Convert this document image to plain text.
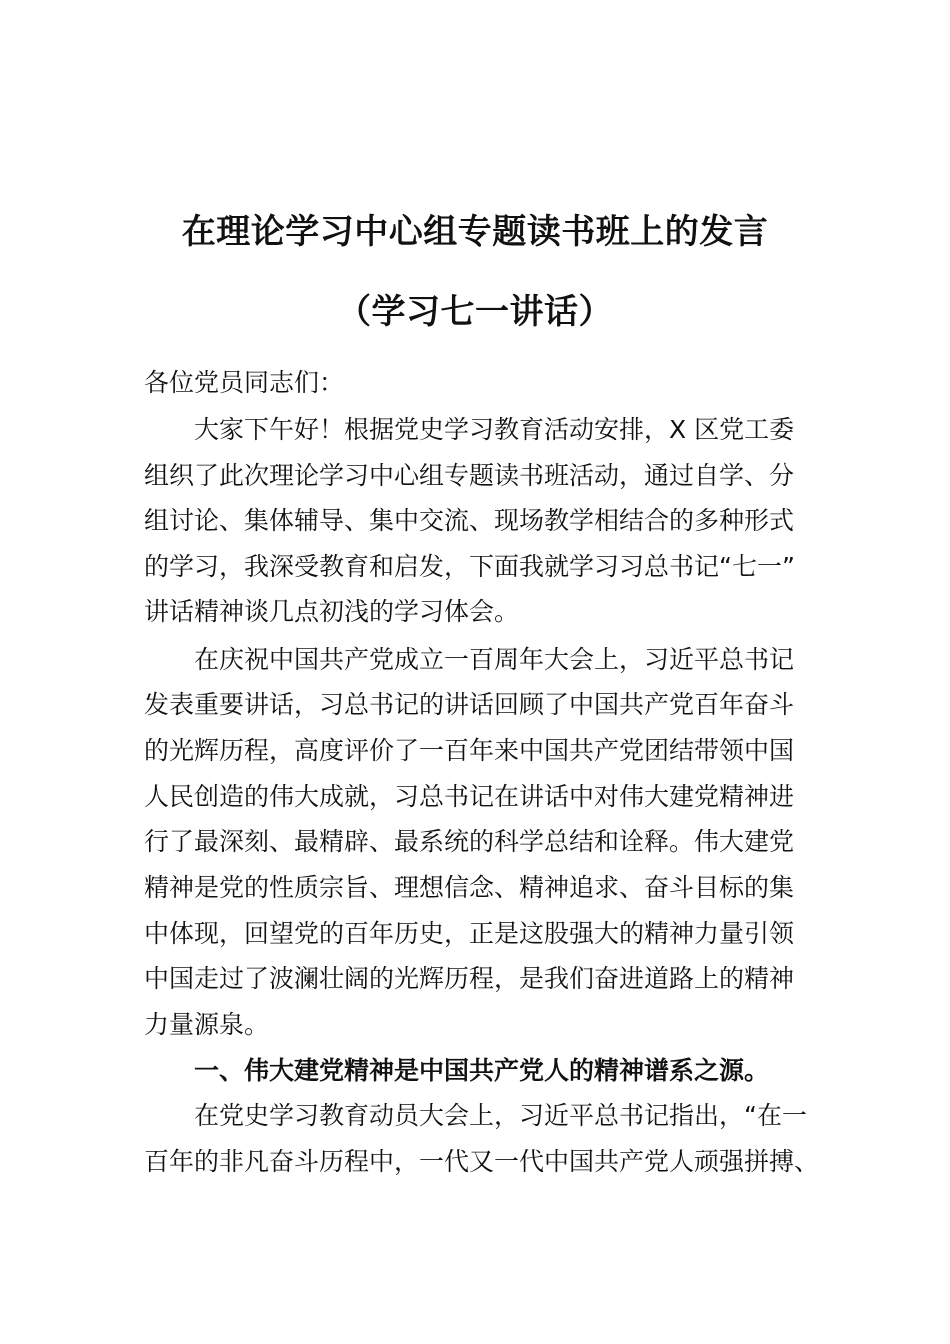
在理论学习中心组专题读书班上的发言
（学习七一讲话）
各位党员同志们：
大家下午好！根据党史学习教育活动安排，X 区党工委
组织了此次理论学习中心组专题读书班活动，通过自学、分
组讨论、集体辅导、集中交流、现场教学相结合的多种形式
的学习，我深受教育和启发，下面我就学习习总书记“七一”
讲话精神谈几点初浅的学习体会。
在庆祝中国共产党成立一百周年大会上，习近平总书记
发表重要讲话，习总书记的讲话回顾了中国共产党百年奋斗
的光辉历程，高度评价了一百年来中国共产党团结带领中国
人民创造的伟大成就，习总书记在讲话中对伟大建党精神进
行了最深刻、最精辟、最系统的科学总结和诠释。伟大建党
精神是党的性质宗旨、理想信念、精神追求、奋斗目标的集
中体现，回望党的百年历史，正是这股强大的精神力量引领
中国走过了波澜壮阔的光辉历程，是我们奋进道路上的精神
力量源泉。
一、伟大建党精神是中国共产党人的精神谱系之源。
在党史学习教育动员大会上，习近平总书记指出，“在一
百年的非凡奋斗历程中，一代又一代中国共产党人顽强拼搏、
